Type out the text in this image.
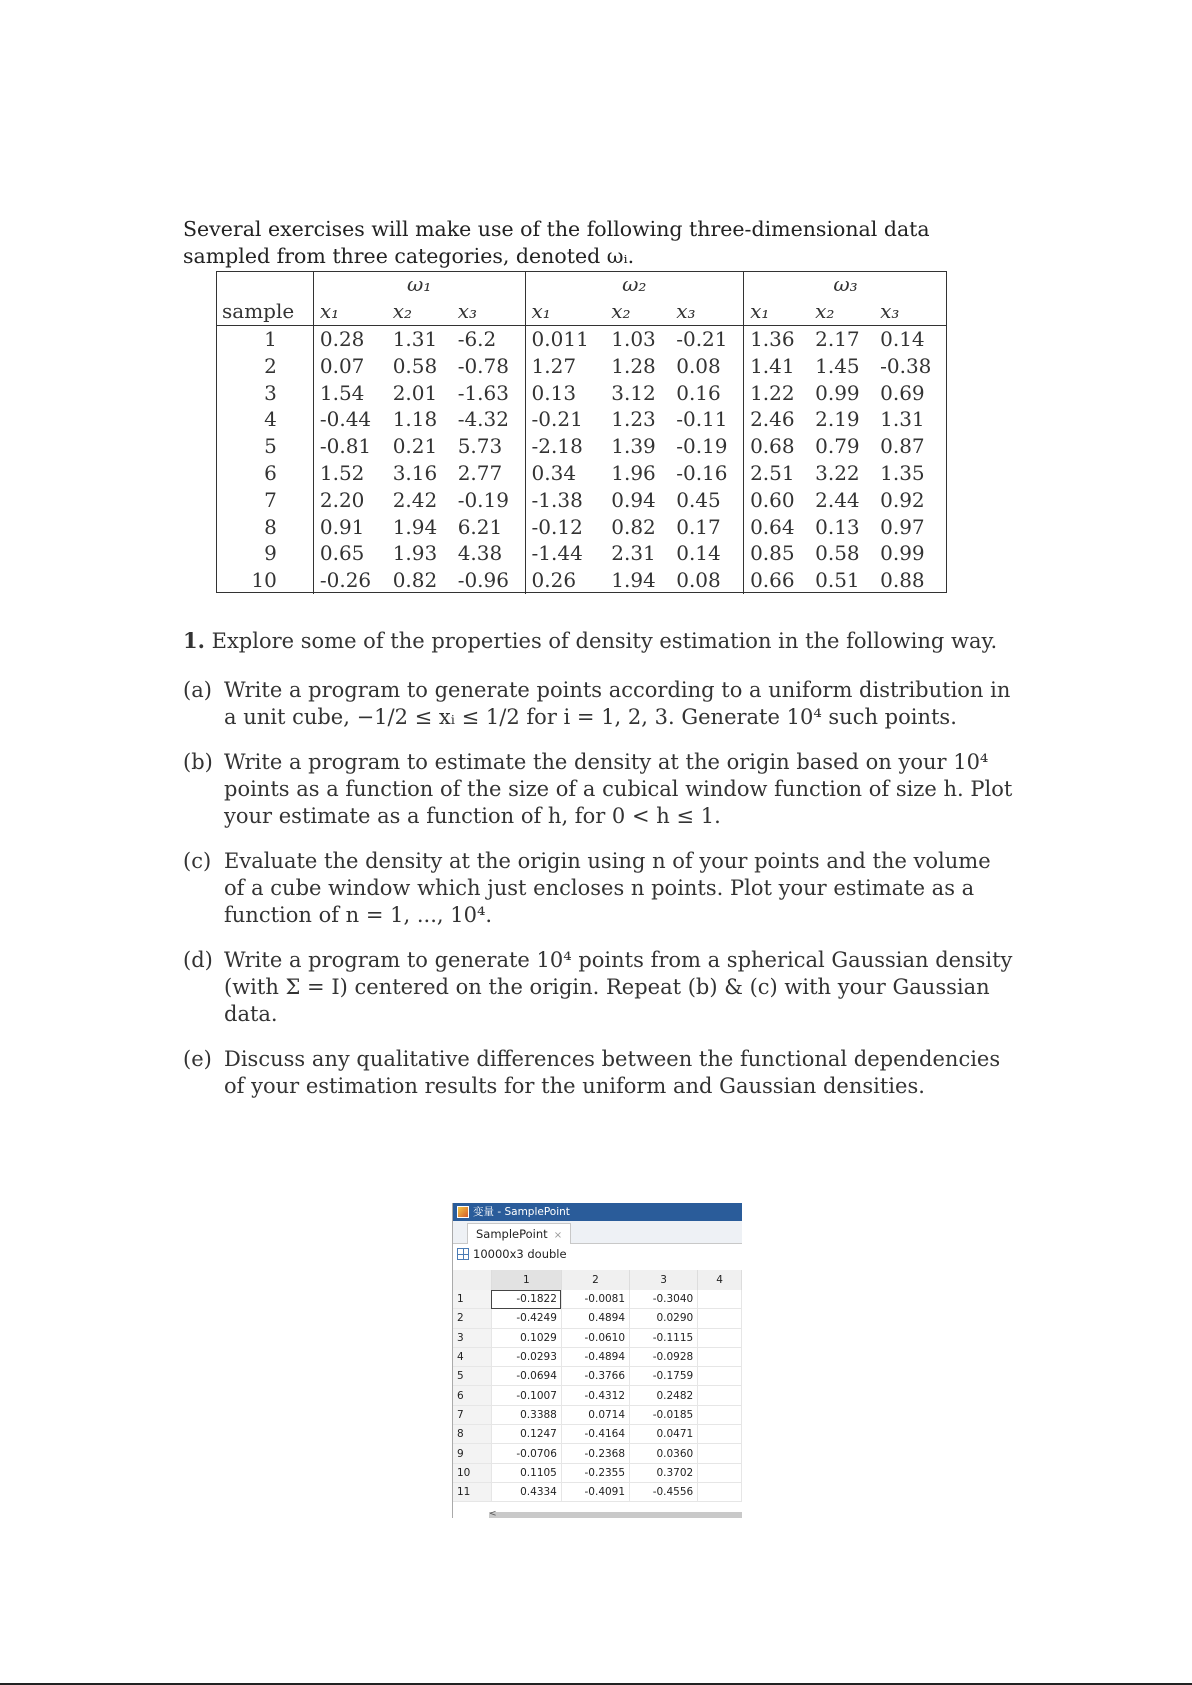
Several exercises will make use of the following three-dimensional data sampled from three categories, denoted ωᵢ.

	ω₁			ω₂			ω₃		
sample	x₁	x₂	x₃	x₁	x₂	x₃	x₁	x₂	x₃
1	0.28	1.31	-6.2	0.011	1.03	-0.21	1.36	2.17	0.14
2	0.07	0.58	-0.78	1.27	1.28	0.08	1.41	1.45	-0.38
3	1.54	2.01	-1.63	0.13	3.12	0.16	1.22	0.99	0.69
4	-0.44	1.18	-4.32	-0.21	1.23	-0.11	2.46	2.19	1.31
5	-0.81	0.21	5.73	-2.18	1.39	-0.19	0.68	0.79	0.87
6	1.52	3.16	2.77	0.34	1.96	-0.16	2.51	3.22	1.35
7	2.20	2.42	-0.19	-1.38	0.94	0.45	0.60	2.44	0.92
8	0.91	1.94	6.21	-0.12	0.82	0.17	0.64	0.13	0.97
9	0.65	1.93	4.38	-1.44	2.31	0.14	0.85	0.58	0.99
10	-0.26	0.82	-0.96	0.26	1.94	0.08	0.66	0.51	0.88

1. Explore some of the properties of density estimation in the following way.

(a) Write a program to generate points according to a uniform distribution in a unit cube, −1/2 ≤ xᵢ ≤ 1/2 for i = 1, 2, 3. Generate 10⁴ such points.
(b) Write a program to estimate the density at the origin based on your 10⁴ points as a function of the size of a cubical window function of size h. Plot your estimate as a function of h, for 0 < h ≤ 1.
(c) Evaluate the density at the origin using n of your points and the volume of a cube window which just encloses n points. Plot your estimate as a function of n = 1, ..., 10⁴.
(d) Write a program to generate 10⁴ points from a spherical Gaussian density (with Σ = I) centered on the origin. Repeat (b) & (c) with your Gaussian data.
(e) Discuss any qualitative differences between the functional dependencies of your estimation results for the uniform and Gaussian densities.
变量 - SamplePoint
SamplePoint ×
10000x3 double
	1	2	3	4
1	-0.1822	-0.0081	-0.3040	
2	-0.4249	0.4894	0.0290	
3	0.1029	-0.0610	-0.1115	
4	-0.0293	-0.4894	-0.0928	
5	-0.0694	-0.3766	-0.1759	
6	-0.1007	-0.4312	0.2482	
7	0.3388	0.0714	-0.0185	
8	0.1247	-0.4164	0.0471	
9	-0.0706	-0.2368	0.0360	
10	0.1105	-0.2355	0.3702	
11	0.4334	-0.4091	-0.4556	
<
